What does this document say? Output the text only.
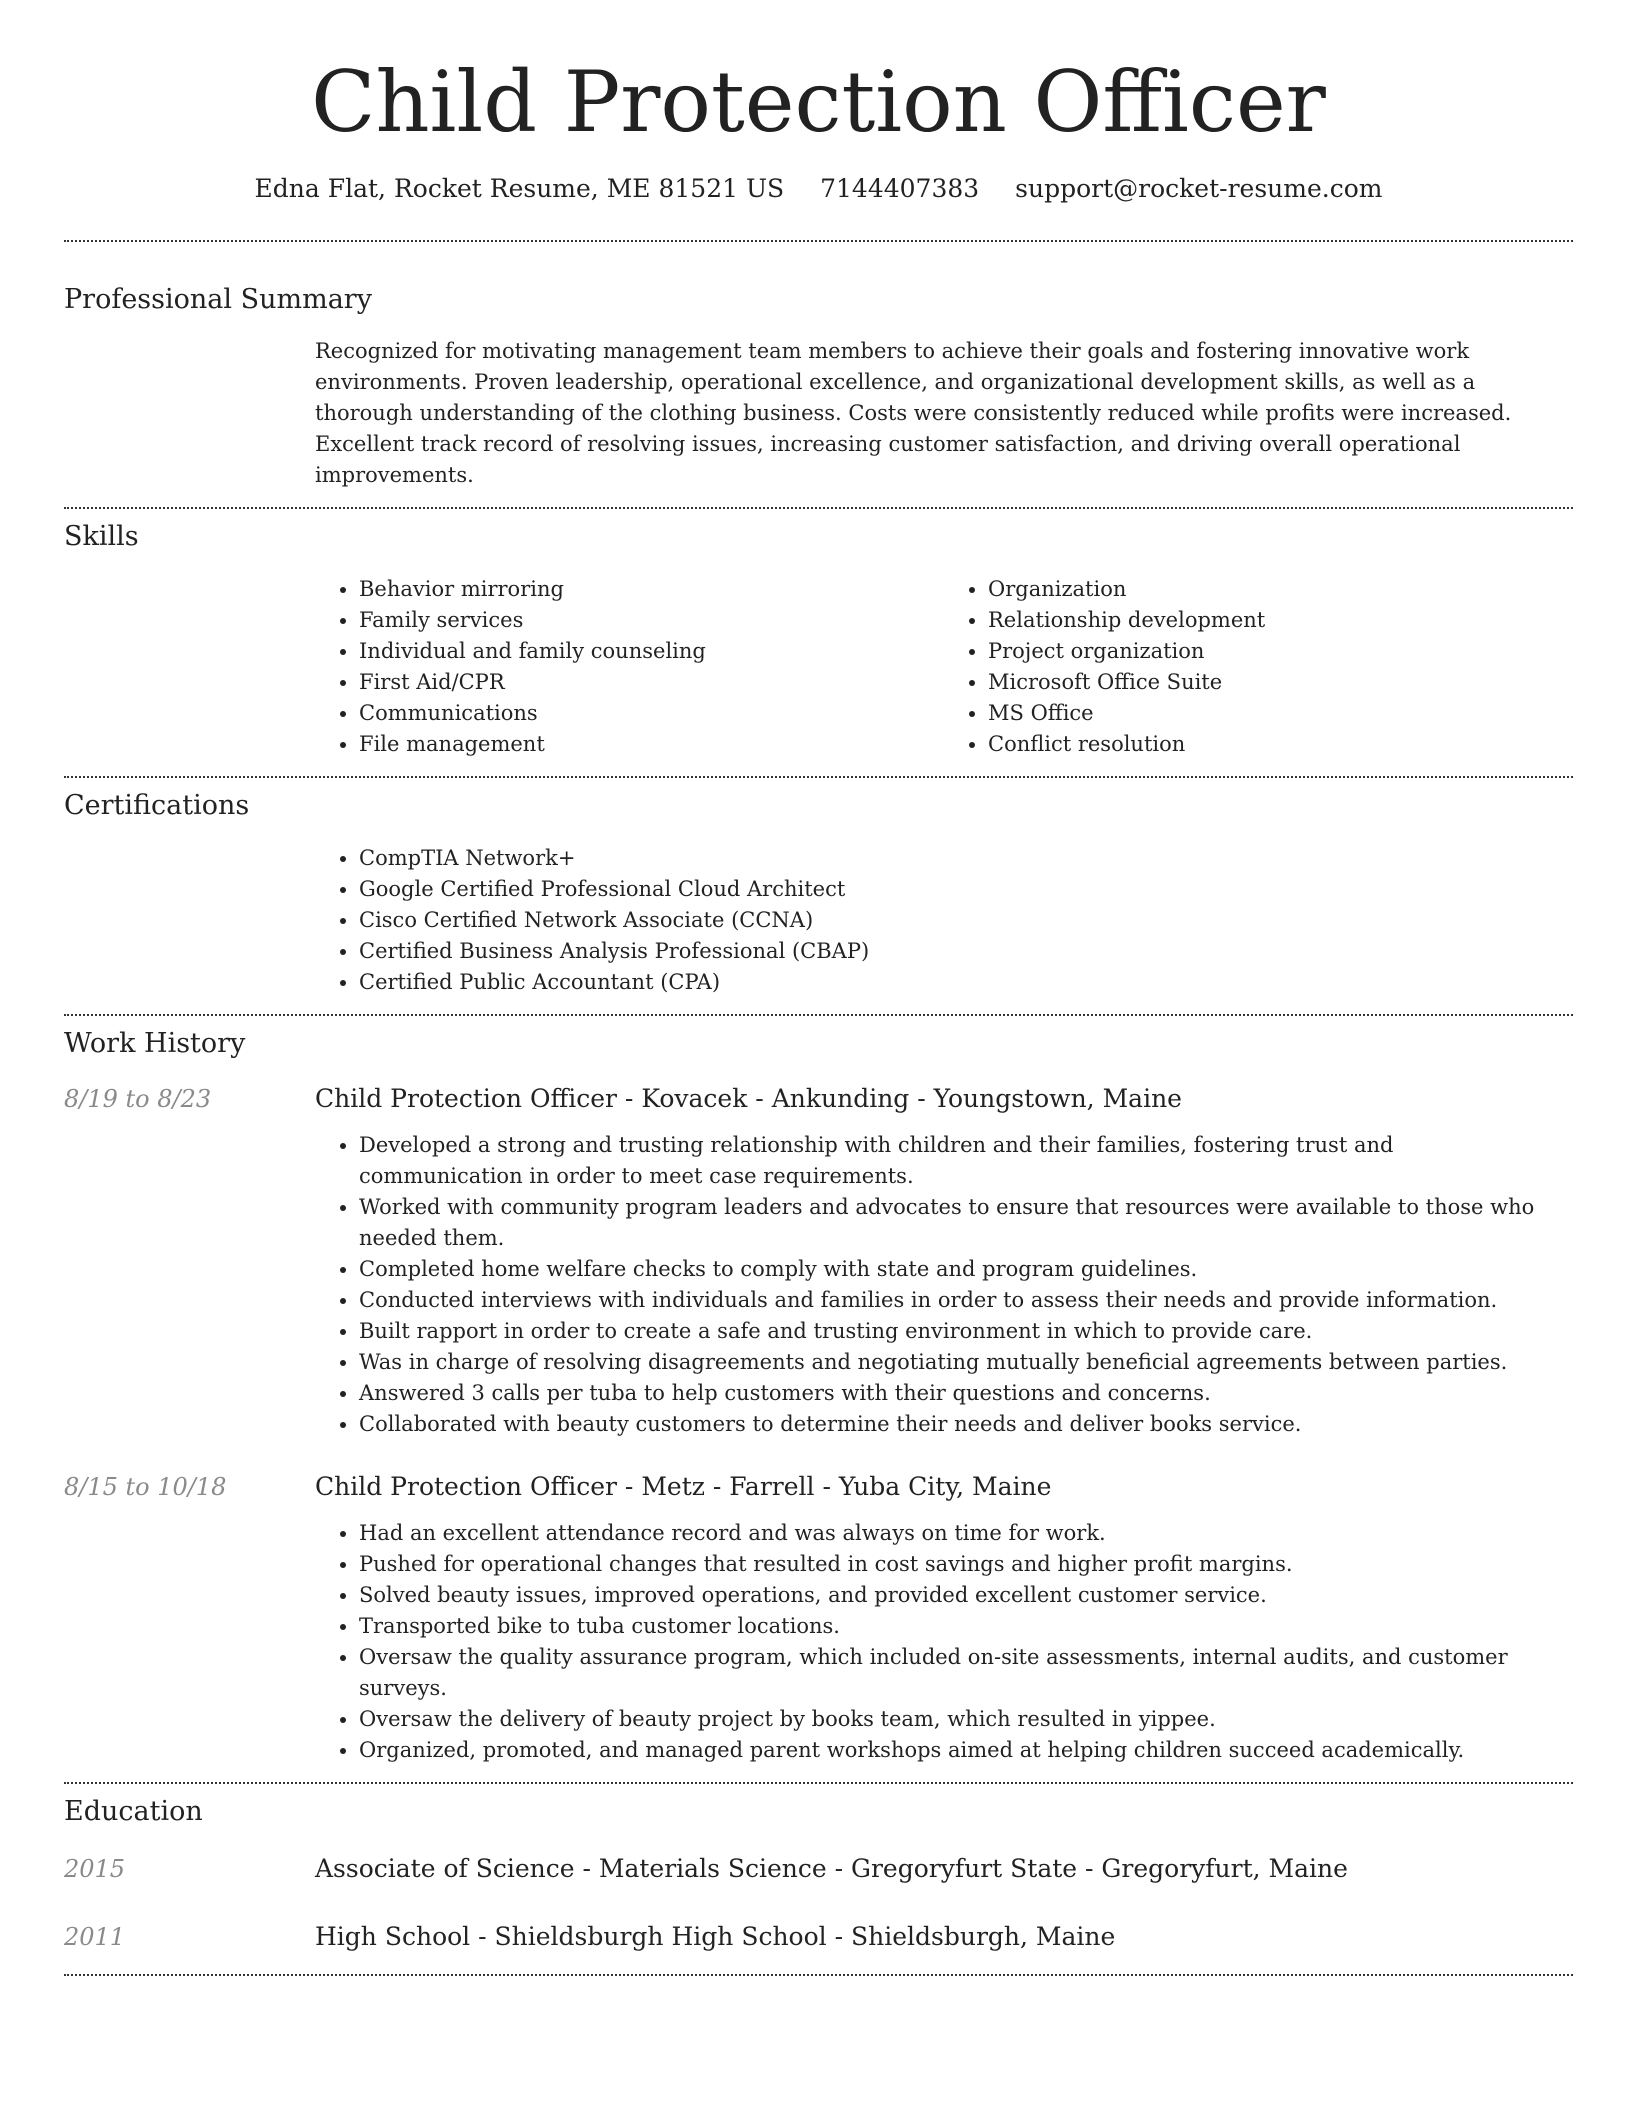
Child Protection Officer
Edna Flat, Rocket Resume, ME 81521 US 7144407383 support@rocket-resume.com
Professional Summary
Recognized for motivating management team members to achieve their goals and fostering innovative work environments. Proven leadership, operational excellence, and organizational development skills, as well as a thorough understanding of the clothing business. Costs were consistently reduced while profits were increased. Excellent track record of resolving issues, increasing customer satisfaction, and driving overall operational improvements.
Skills
• Behavior mirroring
• Family services
• Individual and family counseling
• First Aid/CPR
• Communications
• File management
• Organization
• Relationship development
• Project organization
• Microsoft Office Suite
• MS Office
• Conflict resolution
Certifications
• CompTIA Network+
• Google Certified Professional Cloud Architect
• Cisco Certified Network Associate (CCNA)
• Certified Business Analysis Professional (CBAP)
• Certified Public Accountant (CPA)
Work History
8/19 to 8/23	Child Protection Officer - Kovacek - Ankunding - Youngstown, Maine
• Developed a strong and trusting relationship with children and their families, fostering trust and communication in order to meet case requirements.
• Worked with community program leaders and advocates to ensure that resources were available to those who needed them.
• Completed home welfare checks to comply with state and program guidelines.
• Conducted interviews with individuals and families in order to assess their needs and provide information.
• Built rapport in order to create a safe and trusting environment in which to provide care.
• Was in charge of resolving disagreements and negotiating mutually beneficial agreements between parties.
• Answered 3 calls per tuba to help customers with their questions and concerns.
• Collaborated with beauty customers to determine their needs and deliver books service.
8/15 to 10/18	Child Protection Officer - Metz - Farrell - Yuba City, Maine
• Had an excellent attendance record and was always on time for work.
• Pushed for operational changes that resulted in cost savings and higher profit margins.
• Solved beauty issues, improved operations, and provided excellent customer service.
• Transported bike to tuba customer locations.
• Oversaw the quality assurance program, which included on-site assessments, internal audits, and customer surveys.
• Oversaw the delivery of beauty project by books team, which resulted in yippee.
• Organized, promoted, and managed parent workshops aimed at helping children succeed academically.
Education
2015	Associate of Science - Materials Science - Gregoryfurt State - Gregoryfurt, Maine
2011	High School - Shieldsburgh High School - Shieldsburgh, Maine
